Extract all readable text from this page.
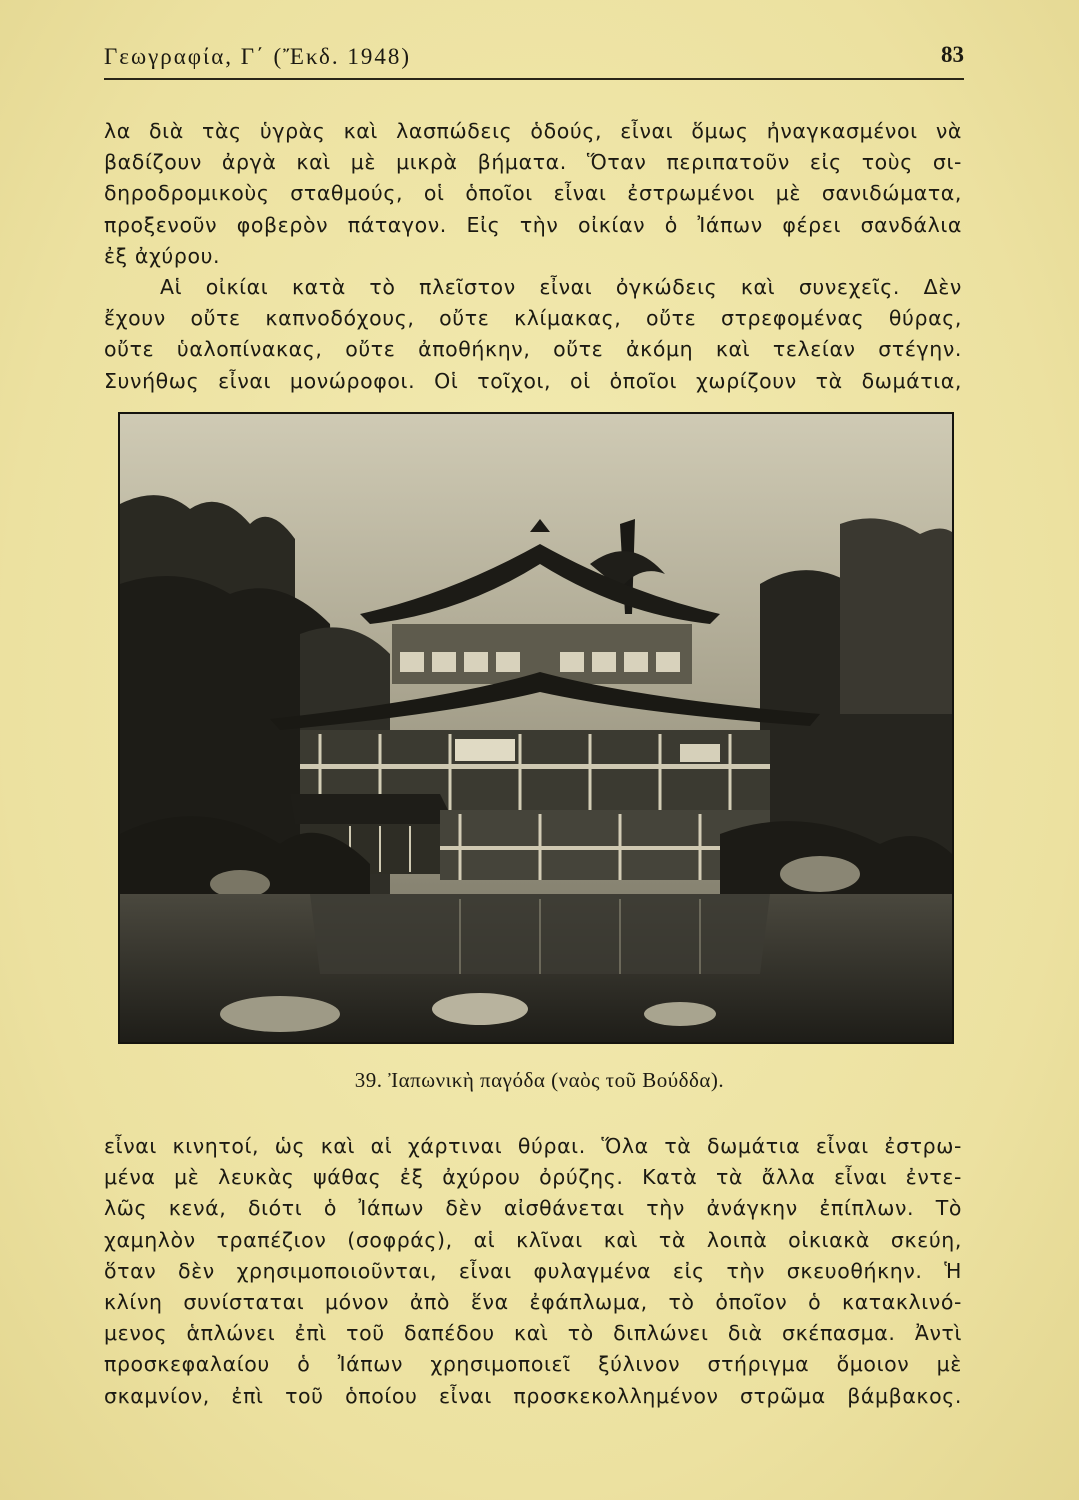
Γεωγραφία, Γ΄ (Ἔκδ. 1948)	83
λα διὰ τὰς ὑγρὰς καὶ λασπώδεις ὁδούς, εἶναι ὅμως ἠναγκασμένοι νὰ
βαδίζουν ἀργὰ καὶ μὲ μικρὰ βήματα. Ὅταν περιπατοῦν εἰς τοὺς σι-
δηροδρομικοὺς σταθμούς, οἱ ὁποῖοι εἶναι ἐστρωμένοι μὲ σανιδώματα,
προξενοῦν φοβερὸν πάταγον. Εἰς τὴν οἰκίαν ὁ Ἰάπων φέρει σανδάλια
ἐξ ἀχύρου.
Αἱ οἰκίαι κατὰ τὸ πλεῖστον εἶναι ὀγκώδεις καὶ συνεχεῖς. Δὲν
ἔχουν οὔτε καπνοδόχους, οὔτε κλίμακας, οὔτε στρεφομένας θύρας,
οὔτε ὑαλοπίνακας, οὔτε ἀποθήκην, οὔτε ἀκόμη καὶ τελείαν στέγην.
Συνήθως εἶναι μονώροφοι. Οἱ τοῖχοι, οἱ ὁποῖοι χωρίζουν τὰ δωμάτια,
39. Ἰαπωνικὴ παγόδα (ναὸς τοῦ Βούδδα).
εἶναι κινητοί, ὡς καὶ αἱ χάρτιναι θύραι. Ὅλα τὰ δωμάτια εἶναι ἐστρω-
μένα μὲ λευκὰς ψάθας ἐξ ἀχύρου ὀρύζης. Κατὰ τὰ ἄλλα εἶναι ἐντε-
λῶς κενά, διότι ὁ Ἰάπων δὲν αἰσθάνεται τὴν ἀνάγκην ἐπίπλων. Τὸ
χαμηλὸν τραπέζιον (σοφράς), αἱ κλῖναι καὶ τὰ λοιπὰ οἰκιακὰ σκεύη,
ὅταν δὲν χρησιμοποιοῦνται, εἶναι φυλαγμένα εἰς τὴν σκευοθήκην. Ἡ
κλίνη συνίσταται μόνον ἀπὸ ἕνα ἐφάπλωμα, τὸ ὁποῖον ὁ κατακλινό-
μενος ἁπλώνει ἐπὶ τοῦ δαπέδου καὶ τὸ διπλώνει διὰ σκέπασμα. Ἀντὶ
προσκεφαλαίου ὁ Ἰάπων χρησιμοποιεῖ ξύλινον στήριγμα ὅμοιον μὲ
σκαμνίον, ἐπὶ τοῦ ὁποίου εἶναι προσκεκολλημένον στρῶμα βάμβακος.
